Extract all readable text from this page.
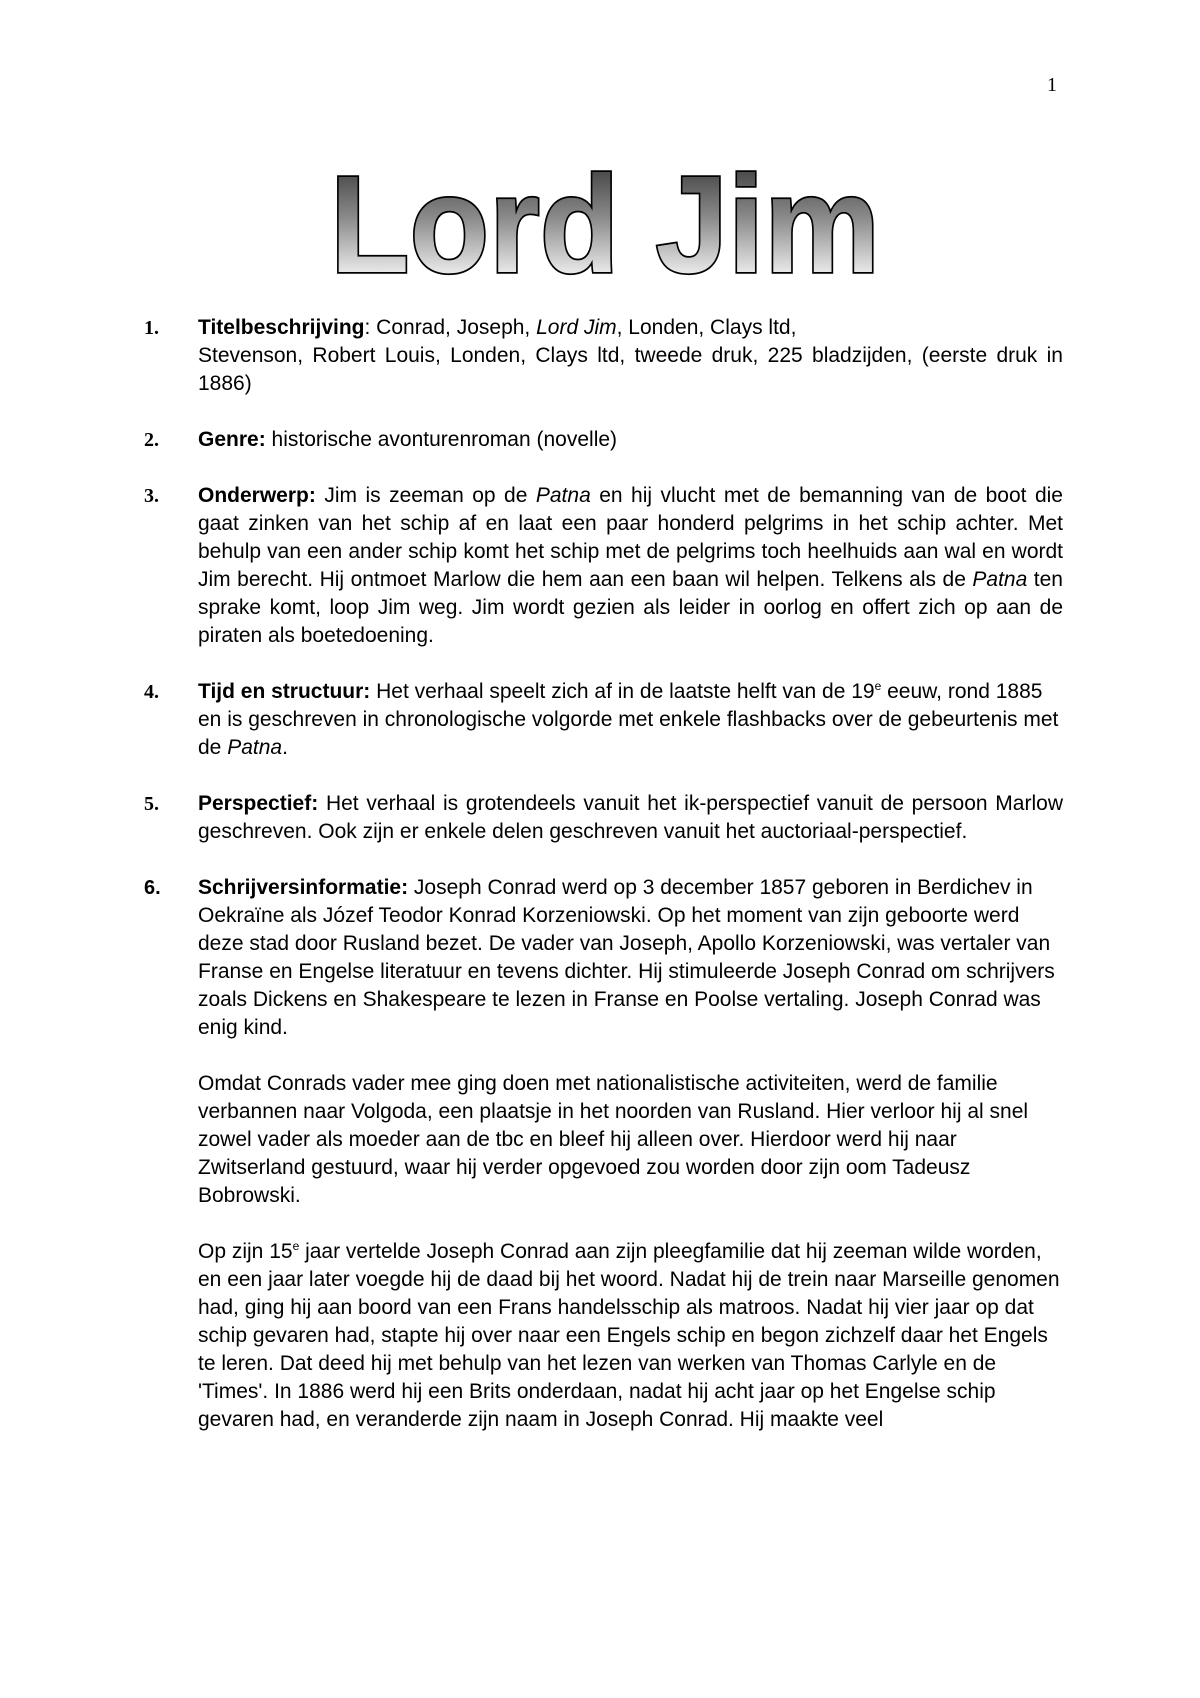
1
Lord Jim
1. Titelbeschrijving: Conrad, Joseph, Lord Jim, Londen, Clays ltd,

Stevenson, Robert Louis, Londen, Clays ltd, tweede druk, 225 bladzijden, (eerste druk in 1886)
2. Genre: historische avonturenroman (novelle)
3. Onderwerp: Jim is zeeman op de Patna en hij vlucht met de bemanning van de boot die gaat zinken van het schip af en laat een paar honderd pelgrims in het schip achter. Met behulp van een ander schip komt het schip met de pelgrims toch heelhuids aan wal en wordt Jim berecht. Hij ontmoet Marlow die hem aan een baan wil helpen. Telkens als de Patna ten sprake komt, loop Jim weg. Jim wordt gezien als leider in oorlog en offert zich op aan de piraten als boetedoening.
4. Tijd en structuur: Het verhaal speelt zich af in de laatste helft van de 19e eeuw, rond 1885 en is geschreven in chronologische volgorde met enkele flashbacks over de gebeurtenis met de Patna.
5. Perspectief: Het verhaal is grotendeels vanuit het ik-perspectief vanuit de persoon Marlow geschreven. Ook zijn er enkele delen geschreven vanuit het auctoriaal-perspectief.
6. Schrijversinformatie: Joseph Conrad werd op 3 december 1857 geboren in Berdichev in Oekraïne als Józef Teodor Konrad Korzeniowski. Op het moment van zijn geboorte werd deze stad door Rusland bezet. De vader van Joseph, Apollo Korzeniowski, was vertaler van Franse en Engelse literatuur en tevens dichter. Hij stimuleerde Joseph Conrad om schrijvers zoals Dickens en Shakespeare te lezen in Franse en Poolse vertaling. Joseph Conrad was enig kind.

Omdat Conrads vader mee ging doen met nationalistische activiteiten, werd de familie verbannen naar Volgoda, een plaatsje in het noorden van Rusland. Hier verloor hij al snel zowel vader als moeder aan de tbc en bleef hij alleen over. Hierdoor werd hij naar Zwitserland gestuurd, waar hij verder opgevoed zou worden door zijn oom Tadeusz Bobrowski.

Op zijn 15e jaar vertelde Joseph Conrad aan zijn pleegfamilie dat hij zeeman wilde worden, en een jaar later voegde hij de daad bij het woord. Nadat hij de trein naar Marseille genomen had, ging hij aan boord van een Frans handelsschip als matroos. Nadat hij vier jaar op dat schip gevaren had, stapte hij over naar een Engels schip en begon zichzelf daar het Engels te leren. Dat deed hij met behulp van het lezen van werken van Thomas Carlyle en de 'Times'. In 1886 werd hij een Brits onderdaan, nadat hij acht jaar op het Engelse schip gevaren had, en veranderde zijn naam in Joseph Conrad. Hij maakte veel
